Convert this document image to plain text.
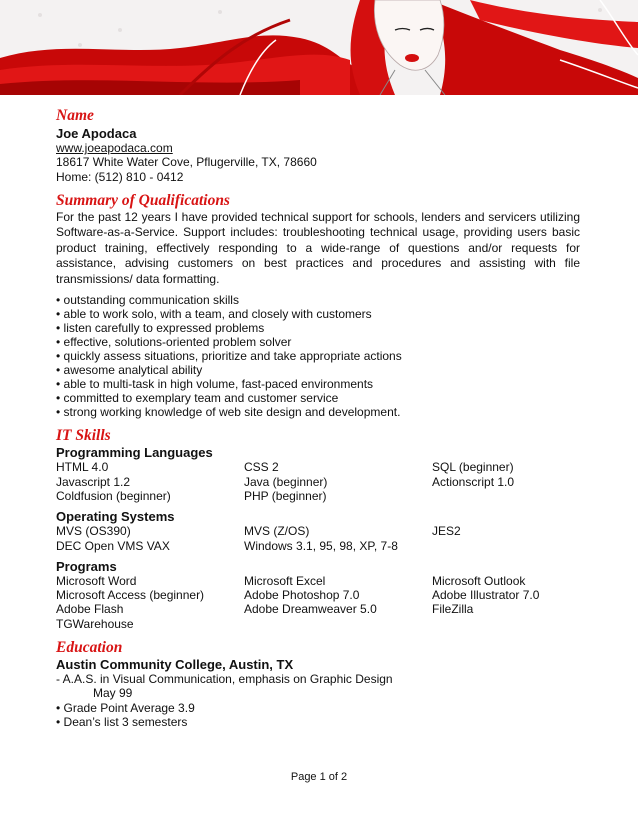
Name
Joe Apodaca
www.joeapodaca.com
18617 White Water Cove, Pflugerville, TX, 78660
Home: (512) 810 - 0412
Summary of Qualifications
For the past 12 years I have provided technical support for schools, lenders and servicers utilizing Software-as-a-Service. Support includes: troubleshooting technical usage, providing users basic product training, effectively responding to a wide-range of questions and/or requests for assistance, advising customers on best practices and procedures and assisting with file transmissions/ data formatting.
• outstanding communication skills
• able to work solo, with a team, and closely with customers
• listen carefully to expressed problems
• effective, solutions-oriented problem solver
• quickly assess situations, prioritize and take appropriate actions
• awesome analytical ability
• able to multi-task in high volume, fast-paced environments
• committed to exemplary team and customer service
• strong working knowledge of web site design and development.
IT Skills
Programming Languages
HTML 4.0	CSS 2	SQL (beginner)
Javascript 1.2	Java (beginner)	Actionscript 1.0
Coldfusion (beginner)	PHP (beginner)
Operating Systems
MVS (OS390)	MVS (Z/OS)	JES2
DEC Open VMS VAX	Windows 3.1, 95, 98, XP, 7-8
Programs
Microsoft Word	Microsoft Excel	Microsoft Outlook
Microsoft Access (beginner)	Adobe Photoshop 7.0	Adobe Illustrator 7.0
Adobe Flash	Adobe Dreamweaver 5.0	FileZilla
TGWarehouse
Education
Austin Community College, Austin, TX
- A.A.S. in Visual Communication, emphasis on Graphic Design
May 99
• Grade Point Average 3.9
• Dean’s list 3 semesters
Page 1 of 2
